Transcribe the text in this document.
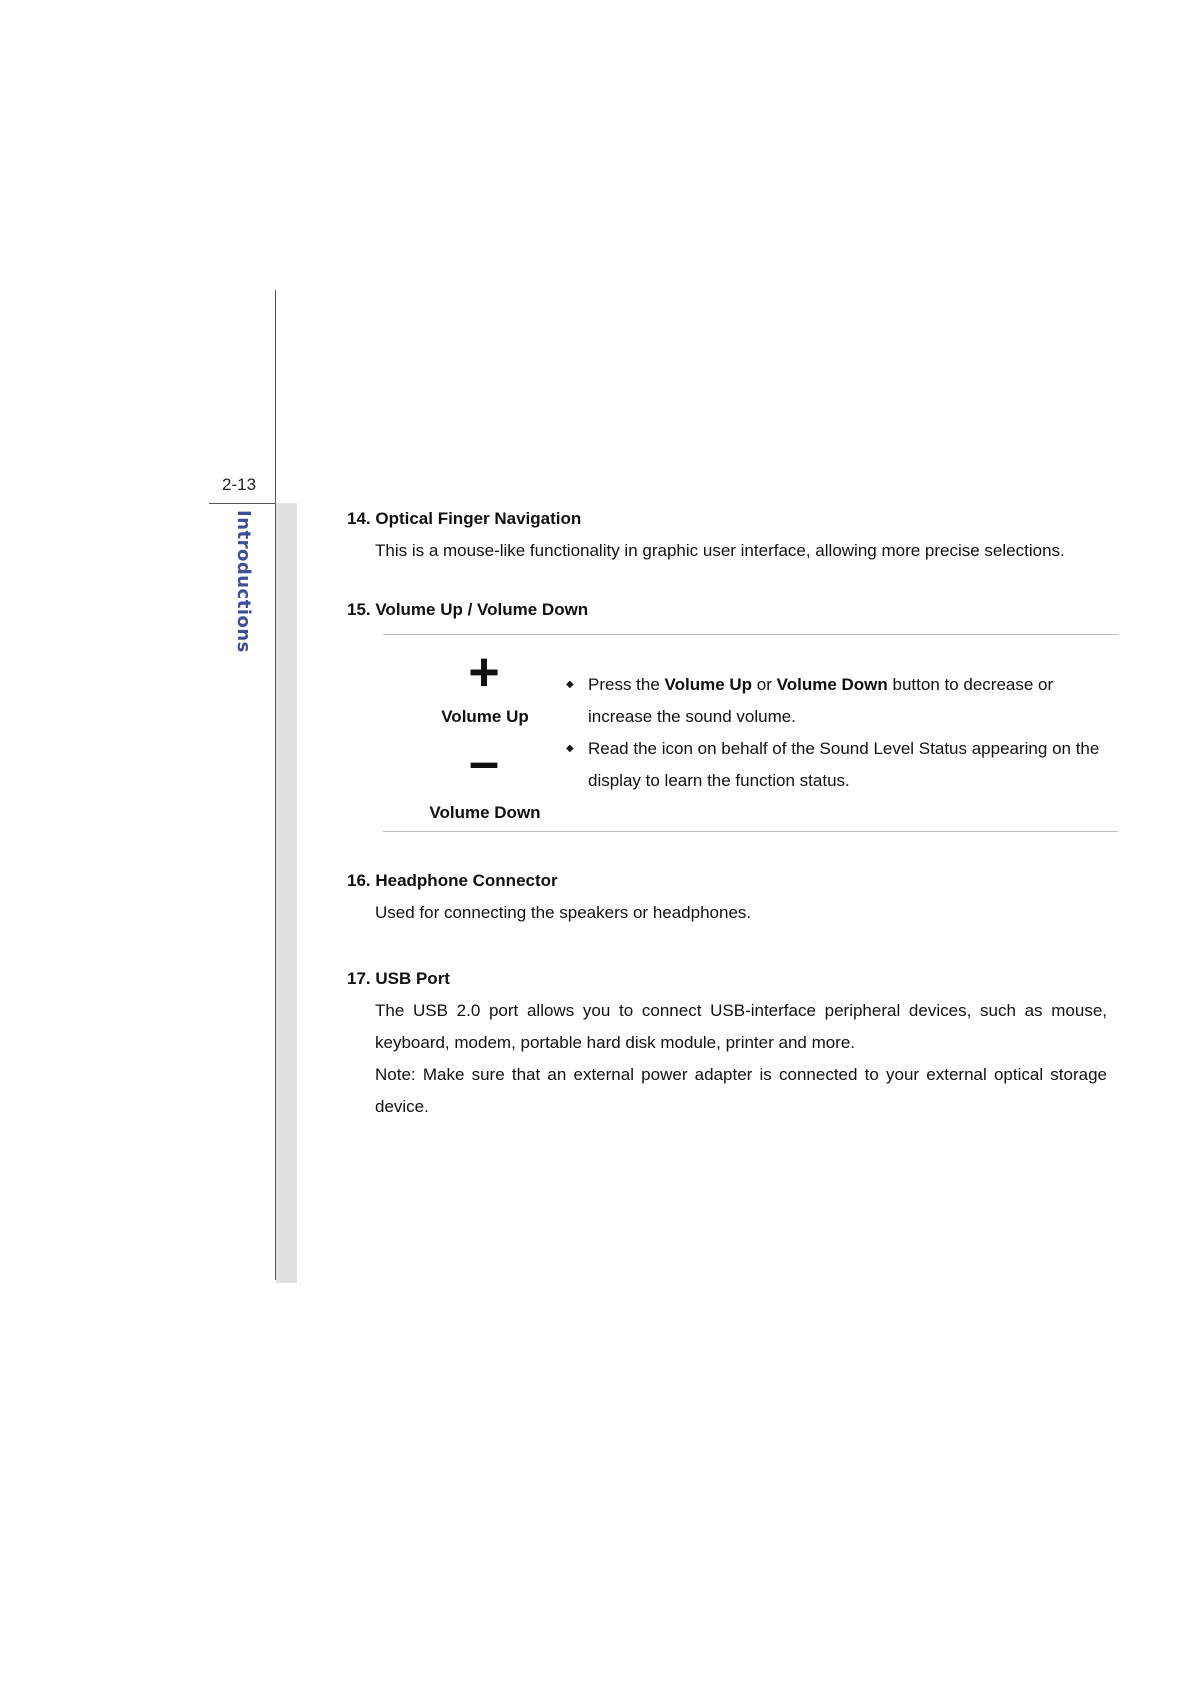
2-13
Introductions	14. Optical Finger Navigation

This is a mouse-like functionality in graphic user interface, allowing more precise selections.

15. Volume Up / Volume Down

+
Volume Up
–
Volume Down
◆ Press the Volume Up or Volume Down button to decrease or increase the sound volume.
◆ Read the icon on behalf of the Sound Level Status appearing on the display to learn the function status.

16. Headphone Connector

Used for connecting the speakers or headphones.

17. USB Port

The USB 2.0 port allows you to connect USB-interface peripheral devices, such as mouse, keyboard, modem, portable hard disk module, printer and more.

Note: Make sure that an external power adapter is connected to your external optical storage device.
